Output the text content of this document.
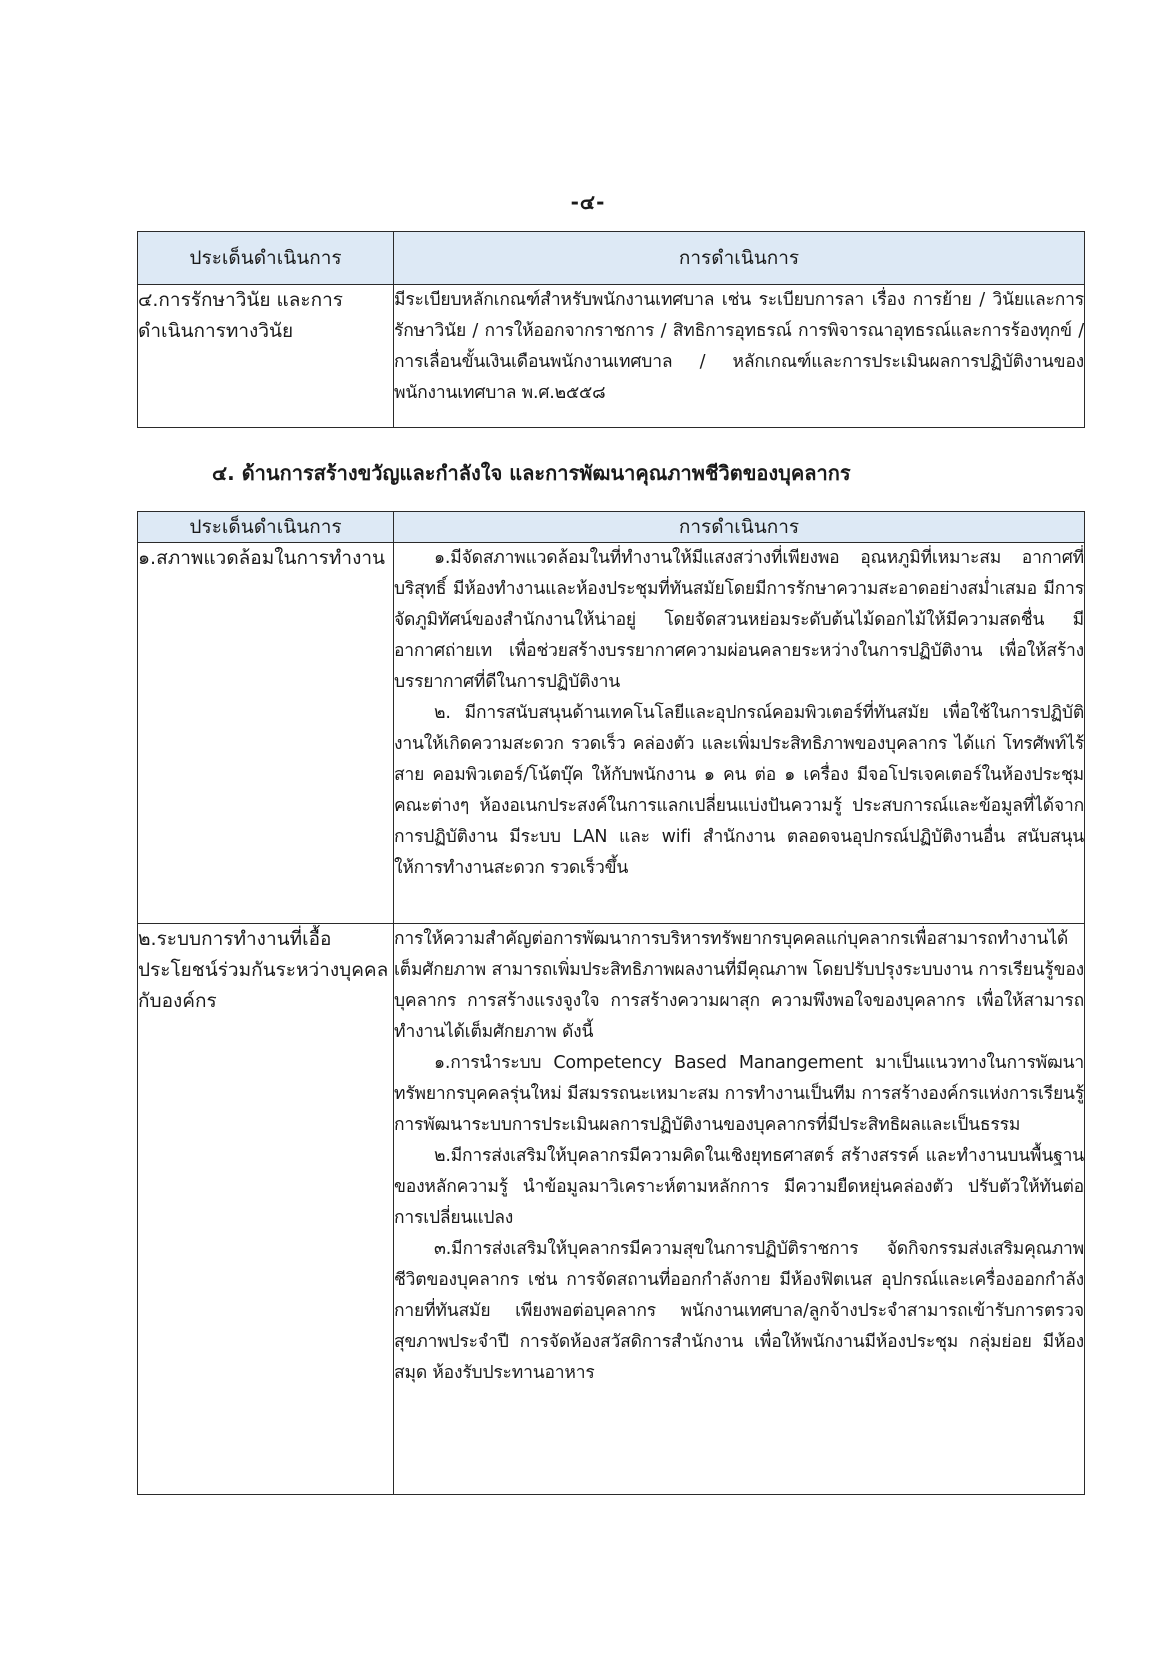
-๔-
ประเด็นดำเนินการ	การดำเนินการ
๔.การรักษาวินัย และการดำเนินการทางวินัย	มีระเบียบหลักเกณฑ์สำหรับพนักงานเทศบาล เช่น ระเบียบการลา เรื่อง การย้าย / วินัยและการรักษาวินัย / การให้ออกจากราชการ / สิทธิการอุทธรณ์ การพิจารณาอุทธรณ์และการร้องทุกข์ / การเลื่อนขั้นเงินเดือนพนักงานเทศบาล / หลักเกณฑ์และการประเมินผลการปฏิบัติงานของพนักงานเทศบาล พ.ศ.๒๕๕๘
๔. ด้านการสร้างขวัญและกำลังใจ และการพัฒนาคุณภาพชีวิตของบุคลากร
ประเด็นดำเนินการ	การดำเนินการ
๑.สภาพแวดล้อมในการทำงาน	๑.มีจัดสภาพแวดล้อมในที่ทำงานให้มีแสงสว่างที่เพียงพอ อุณหภูมิที่เหมาะสม อากาศที่บริสุทธิ์ มีห้องทำงานและห้องประชุมที่ทันสมัยโดยมีการรักษาความสะอาดอย่างสม่ำเสมอ มีการจัดภูมิทัศน์ของสำนักงานให้น่าอยู่ โดยจัดสวนหย่อมระดับต้นไม้ดอกไม้ให้มีความสดชื่น มีอากาศถ่ายเท เพื่อช่วยสร้างบรรยากาศความผ่อนคลายระหว่างในการปฏิบัติงาน เพื่อให้สร้างบรรยากาศที่ดีในการปฏิบัติงาน

๒. มีการสนับสนุนด้านเทคโนโลยีและอุปกรณ์คอมพิวเตอร์ที่ทันสมัย เพื่อใช้ในการปฏิบัติงานให้เกิดความสะดวก รวดเร็ว คล่องตัว และเพิ่มประสิทธิภาพของบุคลากร ได้แก่ โทรศัพท์ไร้สาย คอมพิวเตอร์/โน้ตบุ๊ค ให้กับพนักงาน ๑ คน ต่อ ๑ เครื่อง มีจอโปรเจคเตอร์ในห้องประชุมคณะต่างๆ ห้องอเนกประสงค์ในการแลกเปลี่ยนแบ่งปันความรู้ ประสบการณ์และข้อมูลที่ได้จากการปฏิบัติงาน มีระบบ LAN และ wifi สำนักงาน ตลอดจนอุปกรณ์ปฏิบัติงานอื่น สนับสนุนให้การทำงานสะดวก รวดเร็วขึ้น

๒.ระบบการทำงานที่เอื้อประโยชน์ร่วมกันระหว่างบุคคลกับองค์กร	การให้ความสำคัญต่อการพัฒนาการบริหารทรัพยากรบุคคลแก่บุคลากรเพื่อสามารถทำงานได้เต็มศักยภาพ สามารถเพิ่มประสิทธิภาพผลงานที่มีคุณภาพ โดยปรับปรุงระบบงาน การเรียนรู้ของบุคลากร การสร้างแรงจูงใจ การสร้างความผาสุก ความพึงพอใจของบุคลากร เพื่อให้สามารถทำงานได้เต็มศักยภาพ ดังนี้

๑.การนำระบบ Competency Based Manangement มาเป็นแนวทางในการพัฒนาทรัพยากรบุคคลรุ่นใหม่ มีสมรรถนะเหมาะสม การทำงานเป็นทีม การสร้างองค์กรแห่งการเรียนรู้ การพัฒนาระบบการประเมินผลการปฏิบัติงานของบุคลากรที่มีประสิทธิผลและเป็นธรรม

๒.มีการส่งเสริมให้บุคลากรมีความคิดในเชิงยุทธศาสตร์ สร้างสรรค์ และทำงานบนพื้นฐานของหลักความรู้ นำข้อมูลมาวิเคราะห์ตามหลักการ มีความยืดหยุ่นคล่องตัว ปรับตัวให้ทันต่อการเปลี่ยนแปลง

๓.มีการส่งเสริมให้บุคลากรมีความสุขในการปฏิบัติราชการ จัดกิจกรรมส่งเสริมคุณภาพชีวิตของบุคลากร เช่น การจัดสถานที่ออกกำลังกาย มีห้องฟิตเนส อุปกรณ์และเครื่องออกกำลังกายที่ทันสมัย เพียงพอต่อบุคลากร พนักงานเทศบาล/ลูกจ้างประจำสามารถเข้ารับการตรวจสุขภาพประจำปี การจัดห้องสวัสดิการสำนักงาน เพื่อให้พนักงานมีห้องประชุม กลุ่มย่อย มีห้องสมุด ห้องรับประทานอาหาร
